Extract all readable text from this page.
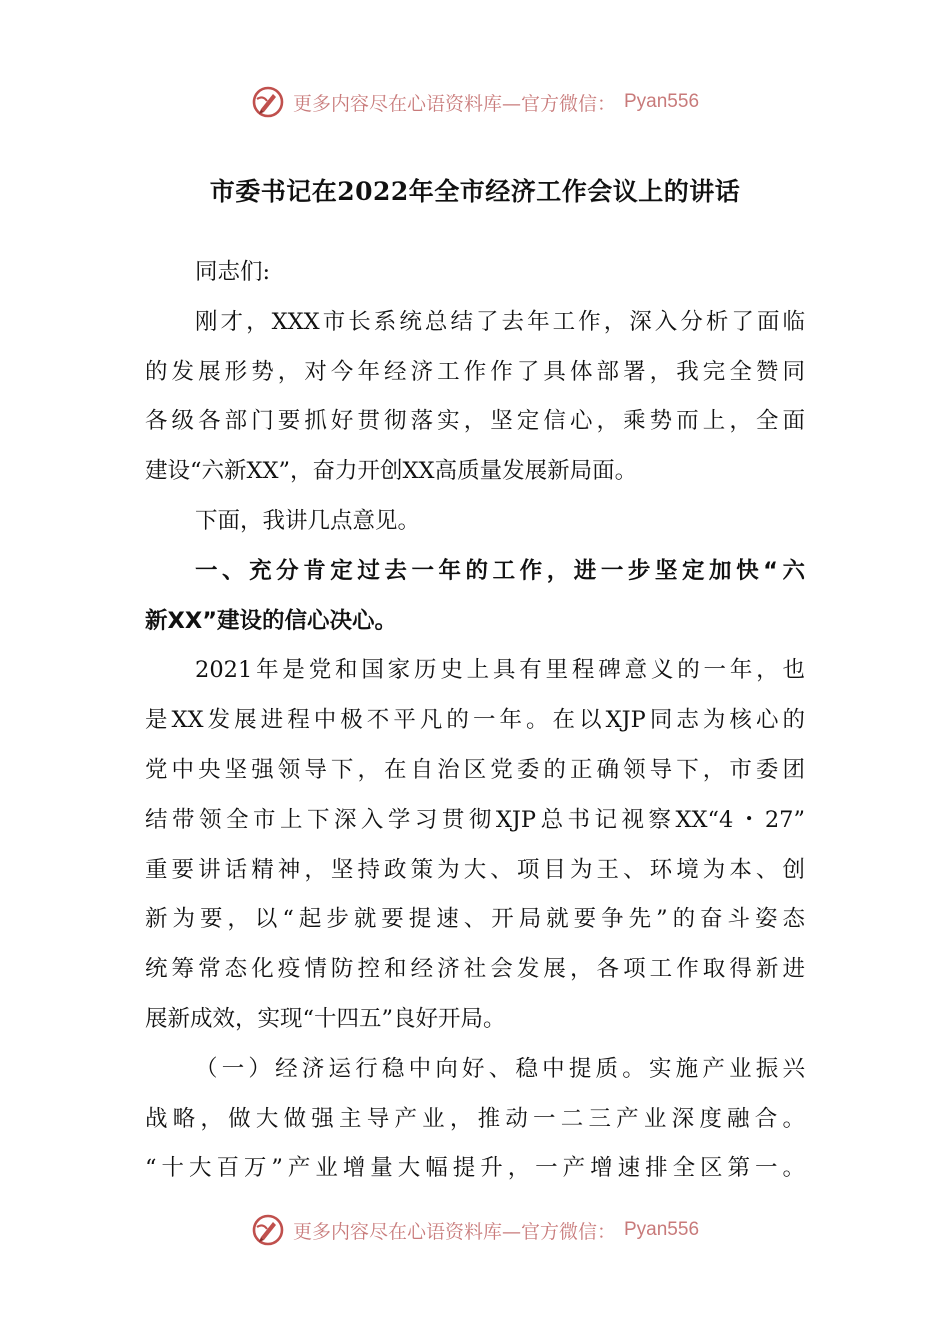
更多内容尽在心语资料库—官方微信： Pyan556
市委书记在2022年全市经济工作会议上的讲话
同志们:
刚才，XXX市长系统总结了去年工作，深入分析了面临
的发展形势，对今年经济工作作了具体部署，我完全赞同
各级各部门要抓好贯彻落实，坚定信心，乘势而上，全面
建设“六新XX”，奋力开创XX高质量发展新局面。
下面，我讲几点意见。
一、充分肯定过去一年的工作，进一步坚定加快“六
新XX”建设的信心决心。
2021年是党和国家历史上具有里程碑意义的一年，也
是XX发展进程中极不平凡的一年。在以XJP同志为核心的
党中央坚强领导下，在自治区党委的正确领导下，市委团
结带领全市上下深入学习贯彻XJP总书记视察XX“4・27”
重要讲话精神，坚持政策为大、项目为王、环境为本、创
新为要，以“起步就要提速、开局就要争先”的奋斗姿态
统筹常态化疫情防控和经济社会发展，各项工作取得新进
展新成效，实现“十四五”良好开局。
（一）经济运行稳中向好、稳中提质。实施产业振兴
战略，做大做强主导产业，推动一二三产业深度融合。
“十大百万”产业增量大幅提升，一产增速排全区第一。
更多内容尽在心语资料库—官方微信： Pyan556
